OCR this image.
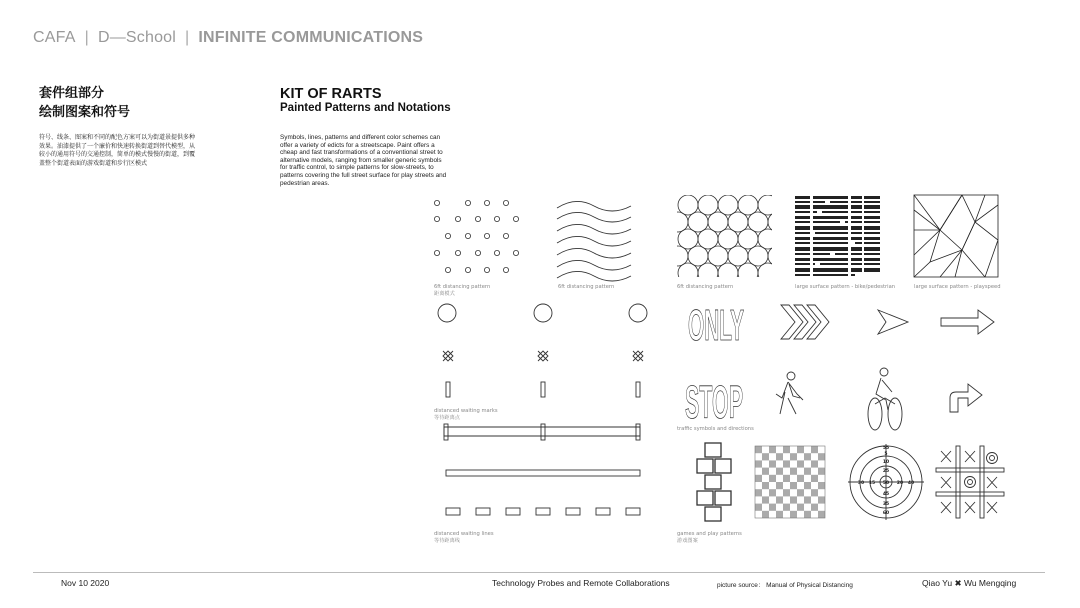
CAFA | D—School | INFINITE COMMUNICATIONS
套件组部分
绘制图案和符号
符号、线条、图案和不同的配色方案可以为街道景提供多种效果。油漆提供了一个廉价和快速转换街道到替代模型，从较小的通用符号的交通控制，简单的模式慢慢的街道，到覆盖整个街道表面的游戏街道和步行区模式
KIT OF RARTS
Painted Patterns and Notations
Symbols, lines, patterns and different color schemes can offer a variety of edicts for a streetscape. Paint offers a cheap and fast transformations of a conventional street to alternative models, ranging from smaller generic symbols for traffic control, to simple patterns for slow-streets, to patterns covering the full street surface for play streets and pedestrian areas.
ONLY
STOP
5
10
25
50
15	20
30	40
45
35
60
55
6ft distancing pattern
距离模式
6ft distancing pattern	6ft distancing pattern	large surface pattern - bike/pedestrian	large surface pattern - playspeed
distanced waiting marks
等待距离点
traffic symbols and directions
distanced waiting lines
等待距离线
games and play patterns
游戏图案
Nov 10 2020	Technology Probes and Remote Collaborations	picture source： Manual of Physical Distancing	Qiao Yu ✖ Wu Mengqing
